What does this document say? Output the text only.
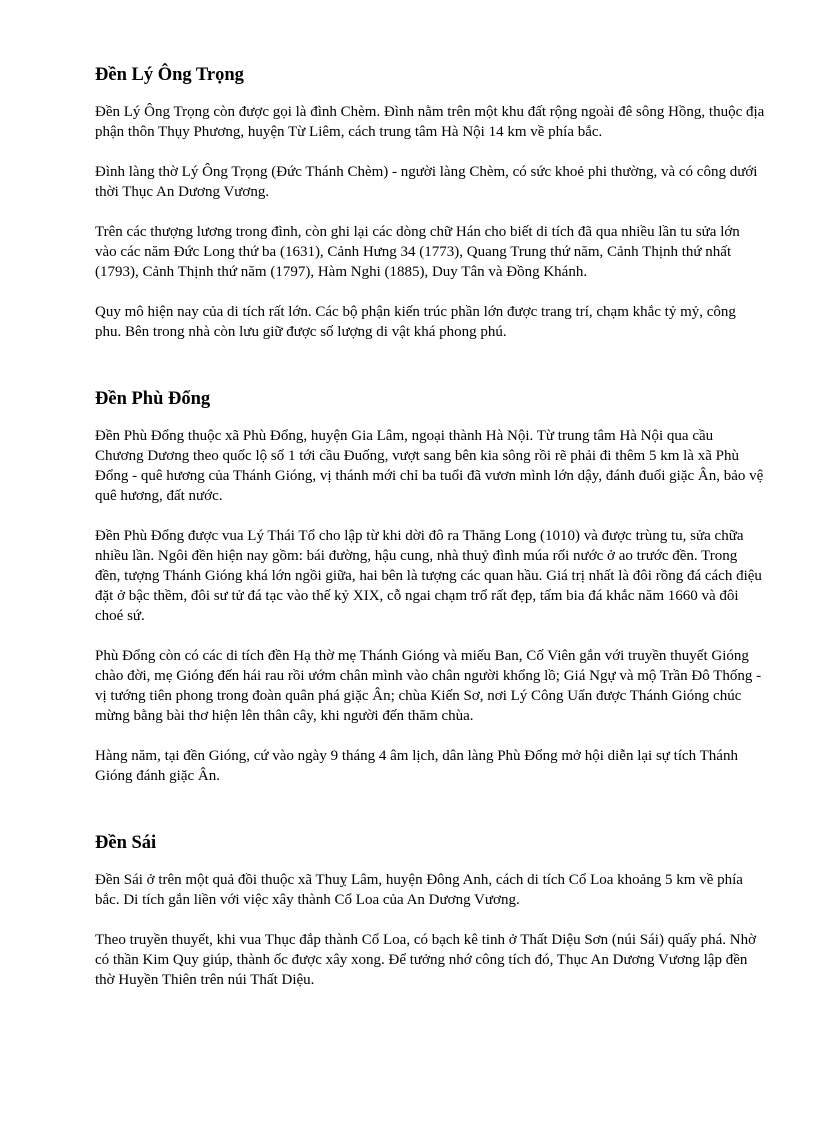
Đền Lý Ông Trọng

Đền Lý Ông Trọng còn được gọi là đình Chèm. Đình nằm trên một khu đất rộng ngoài đê sông Hồng, thuộc địa phận thôn Thụy Phương, huyện Từ Liêm, cách trung tâm Hà Nội 14 km về phía bắc.

Đình làng thờ Lý Ông Trọng (Đức Thánh Chèm) - người làng Chèm, có sức khoẻ phi thường, và có công dưới thời Thục An Dương Vương.

Trên các thượng lương trong đình, còn ghi lại các dòng chữ Hán cho biết di tích đã qua nhiều lần tu sửa lớn vào các năm Đức Long thứ ba (1631), Cảnh Hưng 34 (1773), Quang Trung thứ năm, Cảnh Thịnh thứ nhất (1793), Cảnh Thịnh thứ năm (1797), Hàm Nghi (1885), Duy Tân và Đồng Khánh.

Quy mô hiện nay của di tích rất lớn. Các bộ phận kiến trúc phần lớn được trang trí, chạm khắc tỷ mỷ, công phu. Bên trong nhà còn lưu giữ được số lượng di vật khá phong phú.

Đền Phù Đổng

Đền Phù Đổng thuộc xã Phù Đổng, huyện Gia Lâm, ngoại thành Hà Nội. Từ trung tâm Hà Nội qua cầu Chương Dương theo quốc lộ số 1 tới cầu Đuống, vượt sang bên kia sông rồi rẽ phải đi thêm 5 km là xã Phù Đổng - quê hương của Thánh Gióng, vị thánh mới chỉ ba tuổi đã vươn mình lớn dậy, đánh đuổi giặc Ân, bảo vệ quê hương, đất nước.

Đền Phù Đổng được vua Lý Thái Tổ cho lập từ khi dời đô ra Thăng Long (1010) và được trùng tu, sửa chữa nhiều lần. Ngôi đền hiện nay gồm: bái đường, hậu cung, nhà thuỷ đình múa rối nước ở ao trước đền. Trong đền, tượng Thánh Gióng khá lớn ngồi giữa, hai bên là tượng các quan hầu. Giá trị nhất là đôi rồng đá cách điệu đặt ở bậc thềm, đôi sư tử đá tạc vào thế kỷ XIX, cỗ ngai chạm trổ rất đẹp, tấm bia đá khắc năm 1660 và đôi choé sứ.

Phù Đổng còn có các di tích đền Hạ thờ mẹ Thánh Gióng và miếu Ban, Cố Viên gắn với truyền thuyết Gióng chào đời, mẹ Gióng đến hái rau rồi ướm chân mình vào chân người khổng lồ; Giá Ngự và mộ Trần Đô Thống - vị tướng tiên phong trong đoàn quân phá giặc Ân; chùa Kiến Sơ, nơi Lý Công Uẩn được Thánh Gióng chúc mừng bằng bài thơ hiện lên thân cây, khi người đến thăm chùa.

Hàng năm, tại đền Gióng, cứ vào ngày 9 tháng 4 âm lịch, dân làng Phù Đổng mở hội diễn lại sự tích Thánh Gióng đánh giặc Ân.

Đền Sái

Đền Sái ở trên một quả đồi thuộc xã Thuỵ Lâm, huyện Đông Anh, cách di tích Cổ Loa khoảng 5 km về phía bắc. Di tích gắn liền với việc xây thành Cổ Loa của An Dương Vương.

Theo truyền thuyết, khi vua Thục đắp thành Cổ Loa, có bạch kê tinh ở Thất Diệu Sơn (núi Sái) quấy phá. Nhờ có thần Kim Quy giúp, thành ốc được xây xong. Để tưởng nhớ công tích đó, Thục An Dương Vương lập đền thờ Huyền Thiên trên núi Thất Diệu.
